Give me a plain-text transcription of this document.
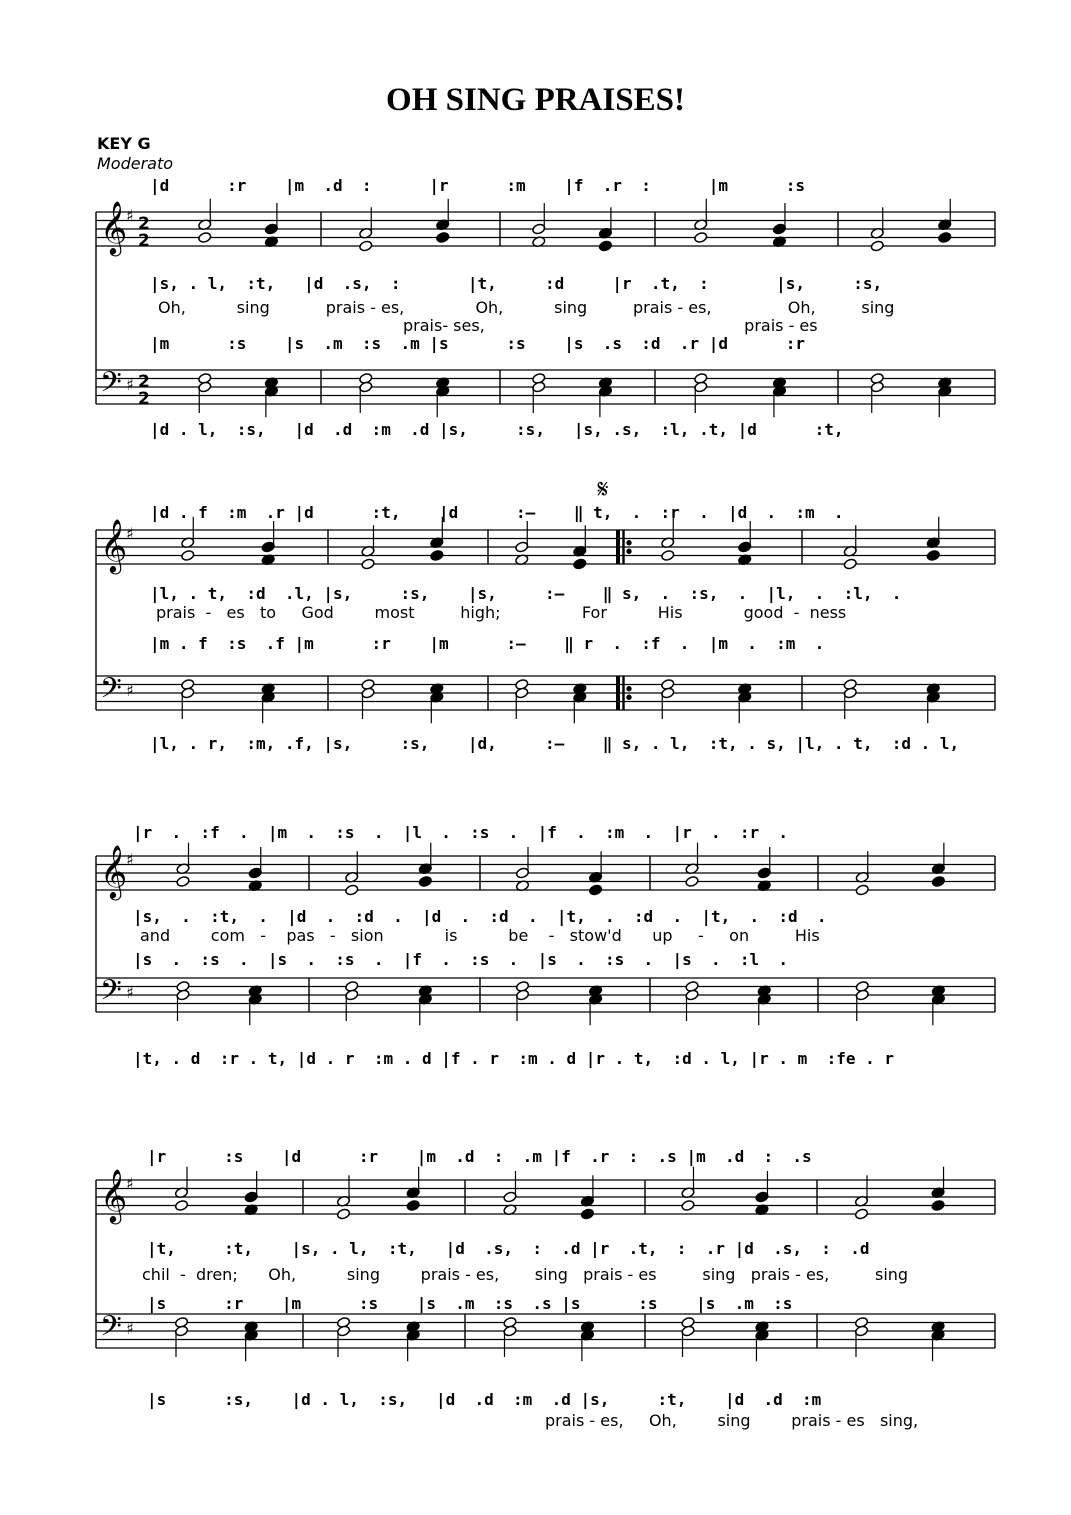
OH SING PRAISES!
KEY G
Moderato
|d      :r    |m  .d  :      |r      :m    |f  .r  :      |m      :s
|s, . l,  :t,   |d  .s,  :       |t,     :d     |r  .t,  :       |s,     :s,
Oh,          sing           prais - es,              Oh,          sing         prais - es,               Oh,         sing
prais- ses,                                                   prais - es
|m      :s    |s  .m  :s  .m |s      :s    |s  .s  :d  .r |d      :r
|d . l,  :s,   |d  .d  :m  .d |s,     :s,   |s, .s,  :l, .t, |d      :t,
|d . f  :m  .r |d      :t,    |d      :–    ‖ t,  .  :r  .  |d  .  :m  .
|l, . t,  :d  .l, |s,     :s,    |s,     :–    ‖ s,  .  :s,  .  |l,  .  :l,  .
prais  -   es   to     God        most         high;                For          His            good  -  ness
|m . f  :s  .f |m      :r    |m      :–    ‖ r  .  :f  .  |m  .  :m  .
|l, . r,  :m, .f, |s,     :s,    |d,     :–    ‖ s, . l,  :t, . s, |l, . t,  :d . l,
|r  .  :f  .  |m  .  :s  .  |l  .  :s  .  |f  .  :m  .  |r  .  :r  .
|s,  .  :t,  .  |d  .  :d  .  |d  .  :d  .  |t,  .  :d  .  |t,  .  :d  .
and        com   -    pas   -   sion            is          be    -   stow'd      up     -     on         His
|s  .  :s  .  |s  .  :s  .  |f  .  :s  .  |s  .  :s  .  |s  .  :l  .
|t, . d  :r . t, |d . r  :m . d |f . r  :m . d |r . t,  :d . l, |r . m  :fe . r
|r      :s    |d      :r    |m  .d  :  .m |f  .r  :  .s |m  .d  :  .s
|t,     :t,    |s, . l,  :t,   |d  .s,  :  .d |r  .t,  :  .r |d  .s,  :  .d
chil  -  dren;      Oh,          sing        prais - es,       sing   prais - es         sing   prais - es,         sing
|s      :r    |m      :s    |s  .m  :s  .s |s      :s    |s  .m  :s
|s      :s,    |d . l,  :s,   |d  .d  :m  .d |s,     :t,    |d  .d  :m
prais - es,     Oh,        sing        prais - es   sing,
𝄞
♯ 2
2
𝄢 ♯ 2
2
𝄞
♯
𝄢 ♯
𝄞
♯
𝄢 ♯
𝄞
♯
𝄢 ♯
𝄋
